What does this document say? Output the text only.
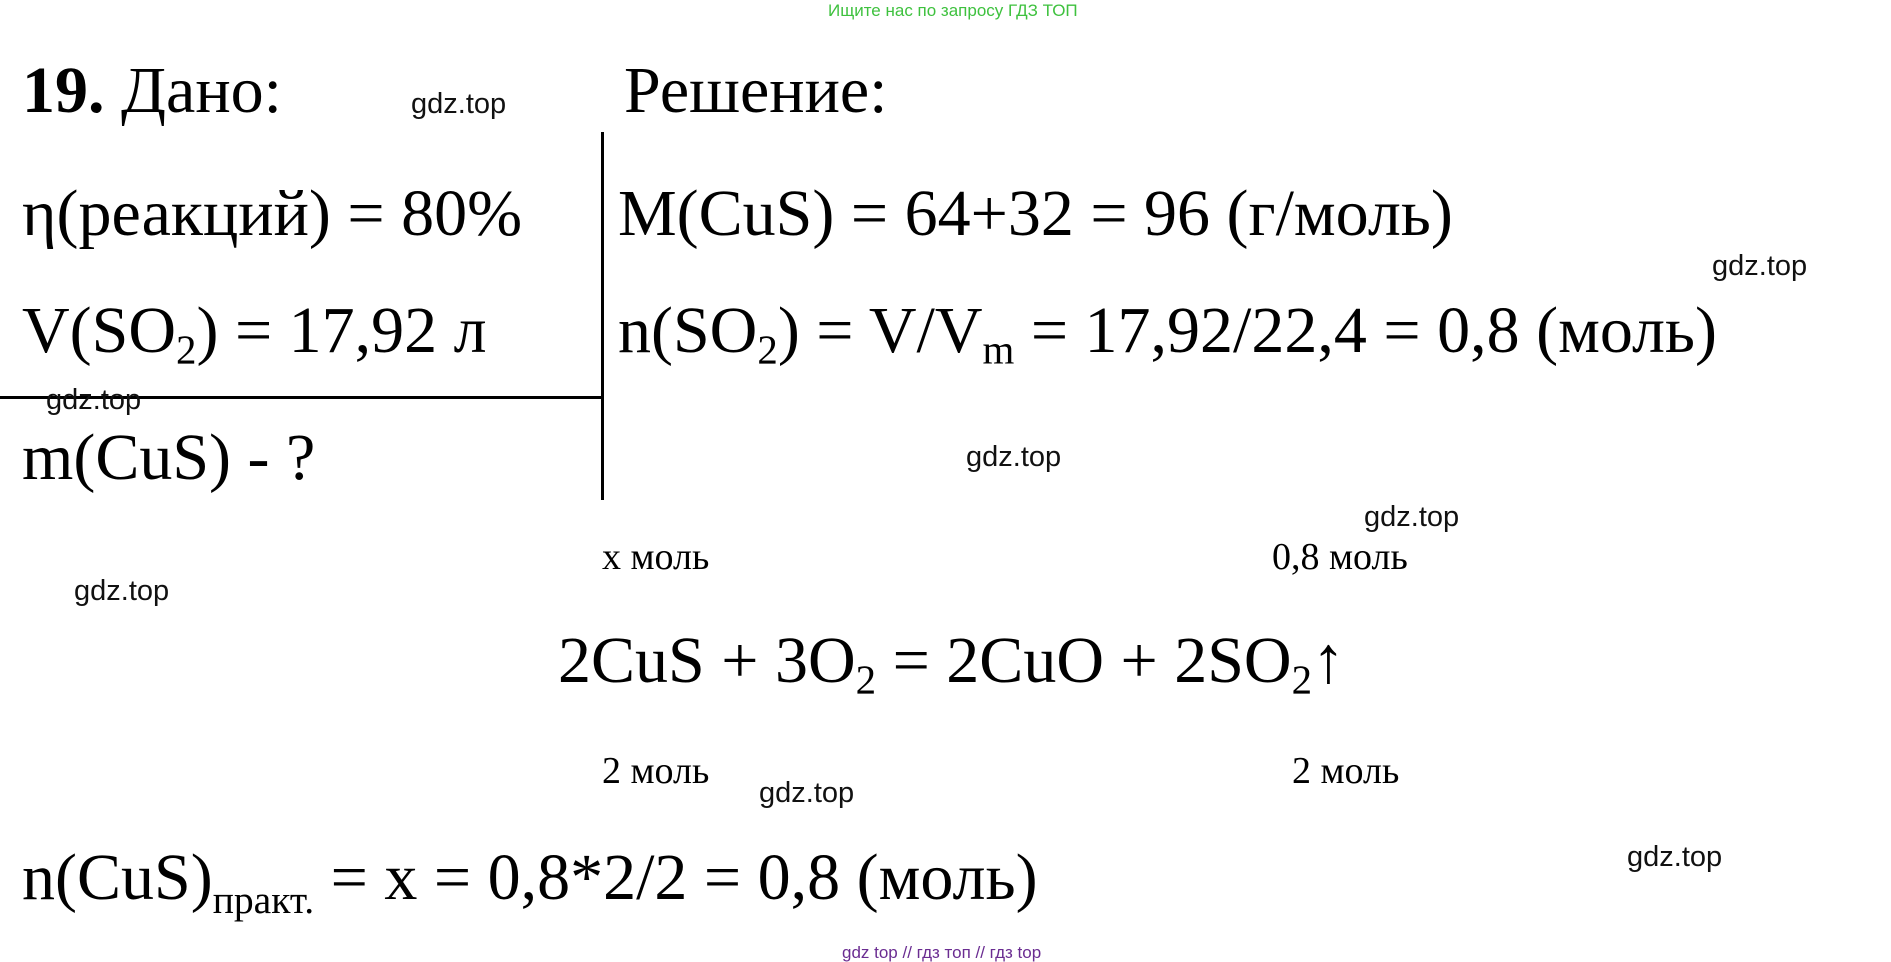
Ищите нас по запросу ГДЗ ТОП
19. Дано:	Решение:
η(реакций) = 80%
$V(SO_2) = 17,92$ л
m(CuS) - ?
M(CuS) = 64+32 = 96 (г/моль)
$n(SO_2) = V/V_m = 17,92/22,4 = 0,8$ (моль)
x моль	0,8 моль
$2CuS + 3O_2 = 2CuO$ + $2SO_2↑$
2 моль	2 моль
$n(CuS)_{практ.} = x = 0,8*2/2 = 0,8$ (моль)
gdz.top
gdz.top
gdz.top
gdz.top
gdz.top
gdz.top
gdz.top
gdz.top
gdz top // гдз топ // гдз top
